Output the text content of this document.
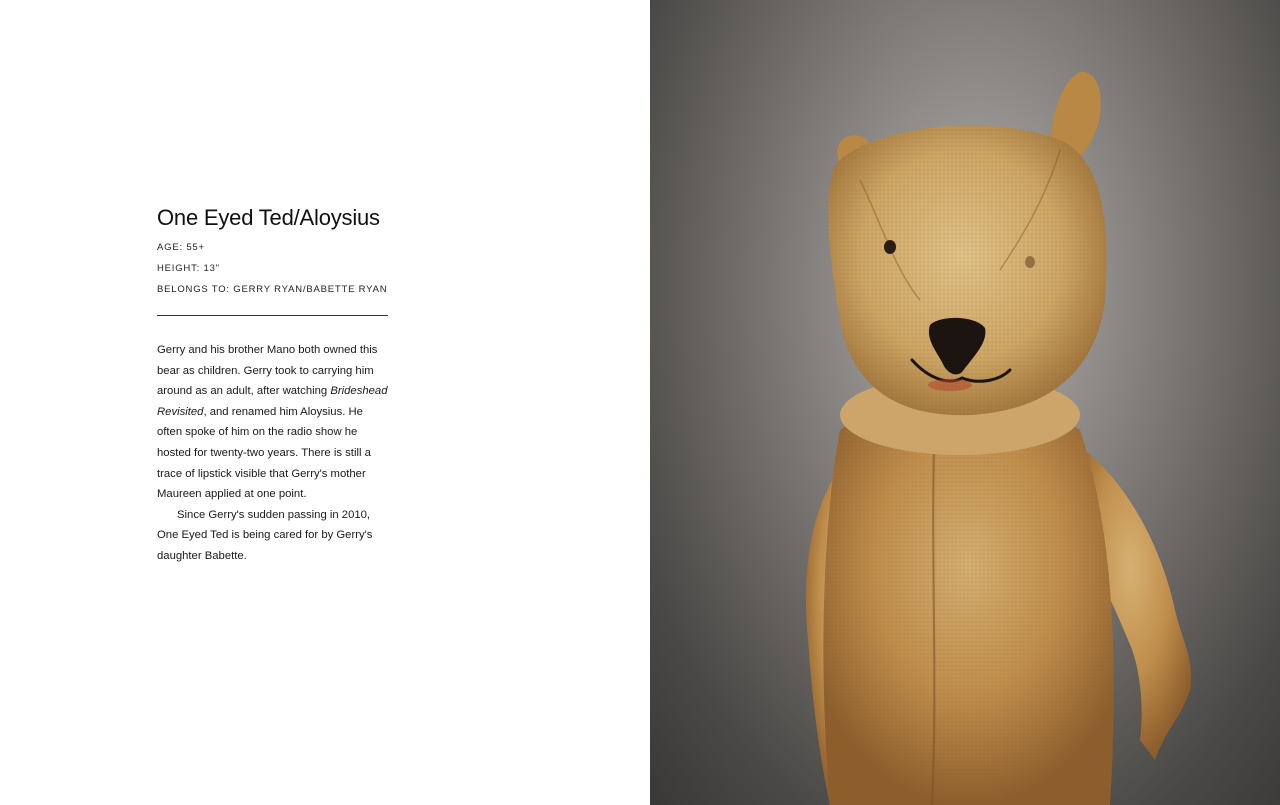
One Eyed Ted/Aloysius

AGE: 55+

HEIGHT: 13"

BELONGS TO: GERRY RYAN/BABETTE RYAN

Gerry and his brother Mano both owned this bear as children. Gerry took to carrying him around as an adult, after watching Brideshead Revisited, and renamed him Aloysius. He often spoke of him on the radio show he hosted for twenty-two years. There is still a trace of lipstick visible that Gerry's mother Maureen applied at one point.

Since Gerry's sudden passing in 2010, One Eyed Ted is being cared for by Gerry's daughter Babette.
